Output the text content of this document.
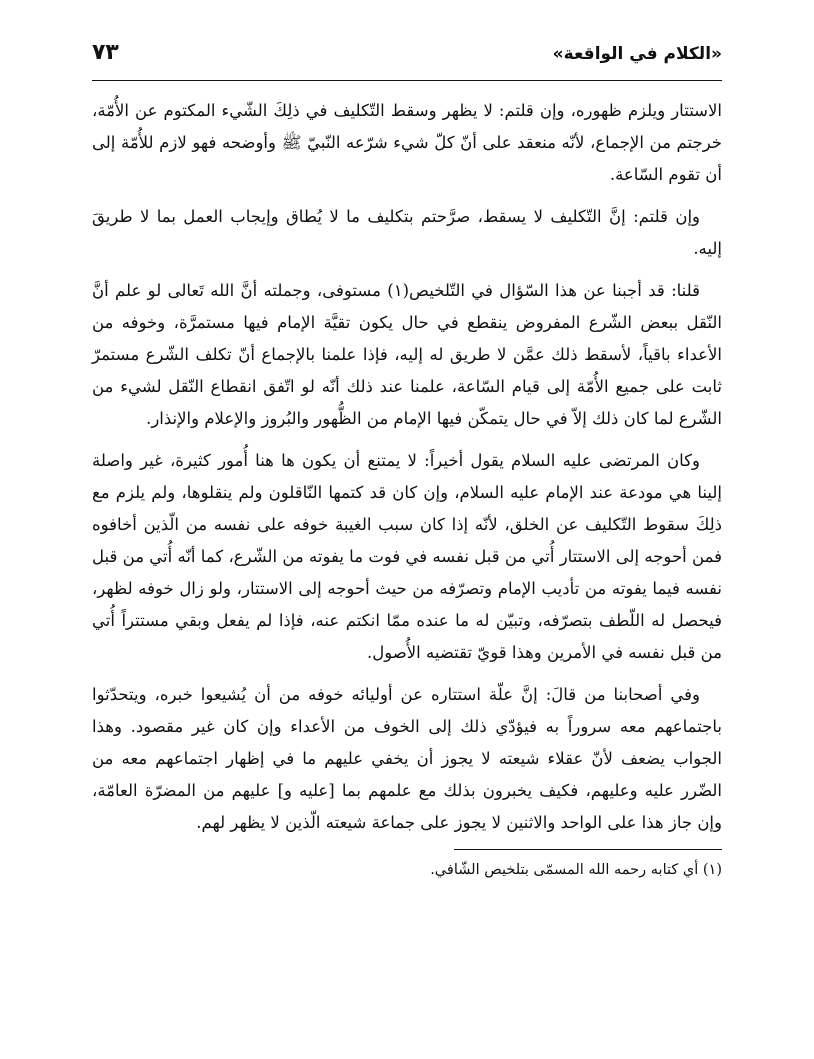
«الكلام في الواقعة»
٧٣

الاستتار ويلزم ظهوره، وإن قلتم: لا يظهر وسقط التّكليف في ذلِكَ الشّيء المكتوم عن الأُمّة، خرجتم من الإجماع، لأنّه منعقد على أنّ كلّ شيء شرّعه النّبيّ ﷺ وأوضحه فهو لازم للأُمّة إلى أن تقوم السّاعة.

وإن قلتم: إنَّ التّكليف لا يسقط، صرَّحتم بتكليف ما لا يُطاق وإيجاب العمل بما لا طريقَ إليه.

قلنا: قد أجبنا عن هذا السّؤال في التّلخيص(١) مستوفى، وجملته أنَّ الله تَعالى لو علم أنَّ النّقل ببعض الشّرع المفروض ينقطع في حال يكون تقيَّة الإمام فيها مستمرَّة، وخوفه من الأعداء باقياً، لأسقط ذلك عمَّن لا طريق له إليه، فإذا علمنا بالإجماع أنّ تكلف الشّرع مستمرّ ثابت على جميع الأُمّة إلى قيام السّاعة، علمنا عند ذلك أنّه لو اتّفق انقطاع النّقل لشيء من الشّرع لما كان ذلك إلاّ في حال يتمكّن فيها الإمام من الظُّهور والبُروز والإعلام والإنذار.

وكان المرتضى عليه السلام يقول أخيراً: لا يمتنع أن يكون ها هنا أُمور كثيرة، غير واصلة إلينا هي مودعة عند الإمام عليه السلام، وإن كان قد كتمها النّاقلون ولم ينقلوها، ولم يلزم مع ذلِكَ سقوط التّكليف عن الخلق، لأنّه إذا كان سبب الغيبة خوفه على نفسه من الّذين أخافوه فمن أحوجه إلى الاستتار أُتي من قبل نفسه في فوت ما يفوته من الشّرع، كما أنّه أُتي من قبل نفسه فيما يفوته من تأديب الإمام وتصرّفه من حيث أحوجه إلى الاستتار، ولو زال خوفه لظهر، فيحصل له اللّطف بتصرّفه، وتبيّن له ما عنده ممّا انكتم عنه، فإذا لم يفعل وبقي مستتراً أُتي من قبل نفسه في الأمرين وهذا قويّ تقتضيه الأُصول.

وفي أصحابنا من قالَ: إنَّ علّة استتاره عن أوليائه خوفه من أن يُشيعوا خبره، ويتحدّثوا باجتماعهم معه سروراً به فيؤدّي ذلك إلى الخوف من الأعداء وإن كان غير مقصود. وهذا الجواب يضعف لأنّ عقلاء شيعته لا يجوز أن يخفي عليهم ما في إظهار اجتماعهم معه من الضّرر عليه وعليهم، فكيف يخبرون بذلك مع علمهم بما [عليه و] عليهم من المضرّة العامّة، وإن جاز هذا على الواحد والاثنين لا يجوز على جماعة شيعته الّذين لا يظهر لهم.

(١) أي كتابه رحمه الله المسمّى بتلخيص الشّافي.
